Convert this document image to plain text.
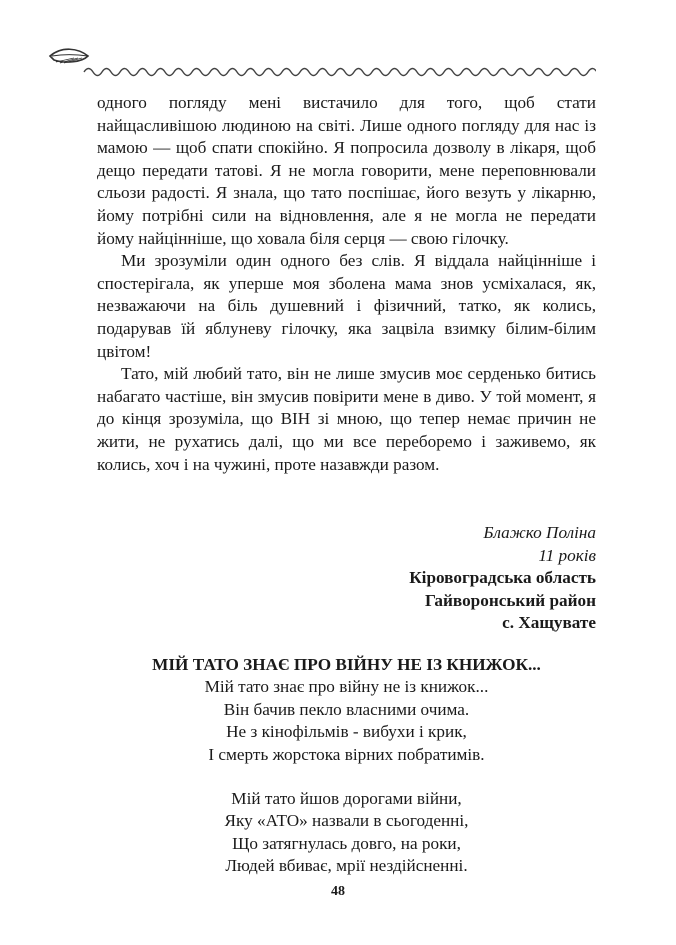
одного погляду мені вистачило для того, щоб стати найщасливішою людиною на світі. Лише одного погляду для нас із мамою — щоб спати спокійно. Я попросила дозволу в лікаря, щоб дещо передати татові. Я не могла говорити, мене переповнювали сльози радості. Я знала, що тато поспішає, його везуть у лікарню, йому потрібні сили на відновлення, але я не могла не передати йому найцінніше, що ховала біля серця — свою гілочку.

Ми зрозуміли один одного без слів. Я віддала найцінніше і спостерігала, як уперше моя зболена мама знов усміхалася, як, незважаючи на біль душевний і фізичний, татко, як колись, подарував їй яблуневу гілочку, яка зацвіла взимку білим-білим цвітом!

Тато, мій любий тато, він не лише змусив моє серденько битись набагато частіше, він змусив повірити мене в диво. У той момент, я до кінця зрозуміла, що ВІН зі мною, що тепер немає причин не жити, не рухатись далі, що ми все переборемо і заживемо, як колись, хоч і на чужині, проте назавжди разом.

Блажко Поліна
11 років
Кіровоградська область
Гайворонський район
с. Хащувате
МІЙ ТАТО ЗНАЄ ПРО ВІЙНУ НЕ ІЗ КНИЖОК...
Мій тато знає про війну не із книжок...
Він бачив пекло власними очима.
Не з кінофільмів - вибухи і крик,
І смерть жорстока вірних побратимів.
Мій тато йшов дорогами війни,
Яку «АТО» назвали в сьогоденні,
Що затягнулась довго, на роки,
Людей вбиває, мрії нездійсненні.
48
